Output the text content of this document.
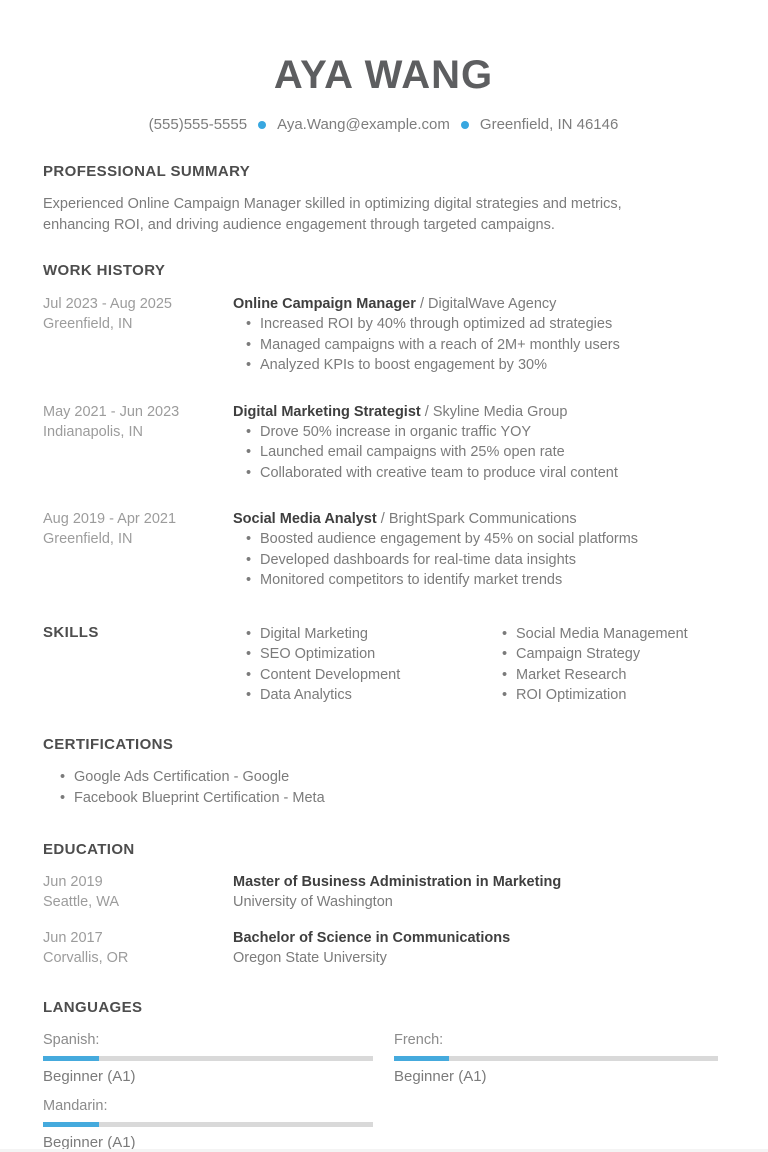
AYA WANG
(555)555-5555 Aya.Wang@example.com Greenfield, IN 46146
PROFESSIONAL SUMMARY

Experienced Online Campaign Manager skilled in optimizing digital strategies and metrics, enhancing ROI, and driving audience engagement through targeted campaigns.

WORK HISTORY
Jul 2023 - Aug 2025
Greenfield, IN
Online Campaign Manager / DigitalWave Agency
• Increased ROI by 40% through optimized ad strategies
• Managed campaigns with a reach of 2M+ monthly users
• Analyzed KPIs to boost engagement by 30%
May 2021 - Jun 2023
Indianapolis, IN
Digital Marketing Strategist / Skyline Media Group
• Drove 50% increase in organic traffic YOY
• Launched email campaigns with 25% open rate
• Collaborated with creative team to produce viral content
Aug 2019 - Apr 2021
Greenfield, IN
Social Media Analyst / BrightSpark Communications
• Boosted audience engagement by 45% on social platforms
• Developed dashboards for real-time data insights
• Monitored competitors to identify market trends
SKILLS	• Digital Marketing
• SEO Optimization
• Content Development
• Data Analytics
• Social Media Management
• Campaign Strategy
• Market Research
• ROI Optimization
CERTIFICATIONS
• Google Ads Certification - Google
• Facebook Blueprint Certification - Meta
EDUCATION
Jun 2019
Seattle, WA
Master of Business Administration in Marketing
University of Washington
Jun 2017
Corvallis, OR
Bachelor of Science in Communications
Oregon State University
LANGUAGES
Spanish:
Beginner (A1)
French:
Beginner (A1)
Mandarin:
Beginner (A1)
